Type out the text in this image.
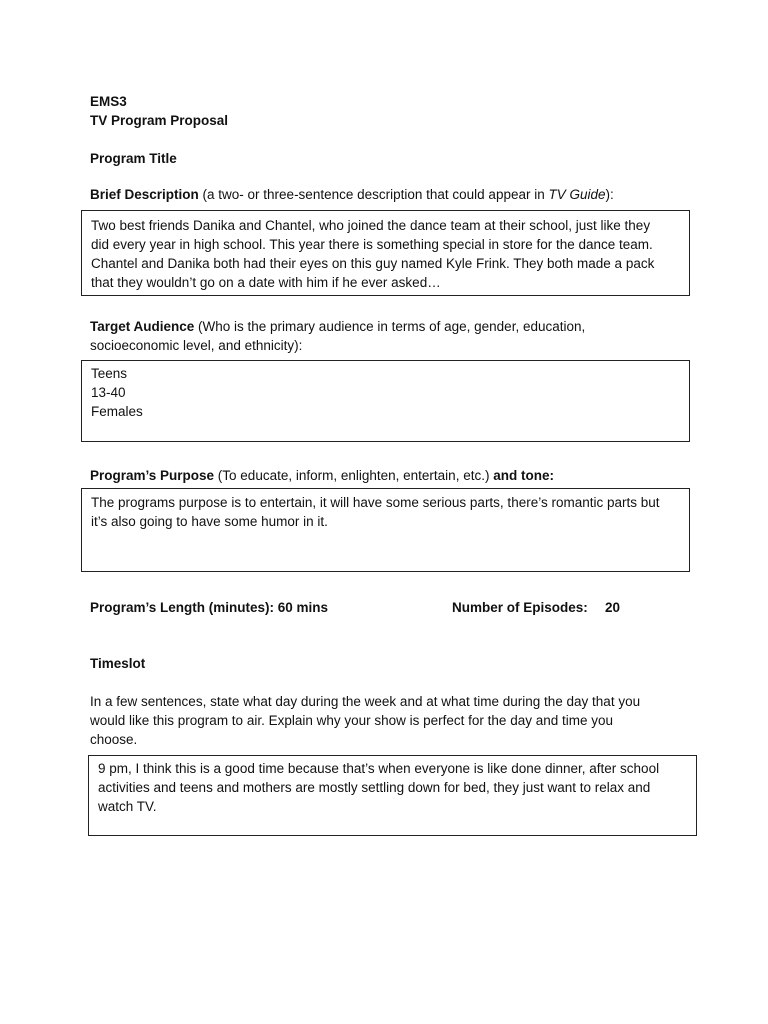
EMS3
TV Program Proposal
Program Title
Brief Description (a two- or three-sentence description that could appear in TV Guide):
Two best friends Danika and Chantel, who joined the dance team at their school, just like they
did every year in high school. This year there is something special in store for the dance team.
Chantel and Danika both had their eyes on this guy named Kyle Frink. They both made a pack
that they wouldn’t go on a date with him if he ever asked…
Target Audience (Who is the primary audience in terms of age, gender, education,
socioeconomic level, and ethnicity):
Teens
13-40
Females
Program’s Purpose (To educate, inform, enlighten, entertain, etc.) and tone:
The programs purpose is to entertain, it will have some serious parts, there’s romantic parts but
it’s also going to have some humor in it.
Program’s Length (minutes): 60 mins	Number of Episodes: 20
Timeslot
In a few sentences, state what day during the week and at what time during the day that you
would like this program to air. Explain why your show is perfect for the day and time you
choose.
9 pm, I think this is a good time because that’s when everyone is like done dinner, after school
activities and teens and mothers are mostly settling down for bed, they just want to relax and
watch TV.
